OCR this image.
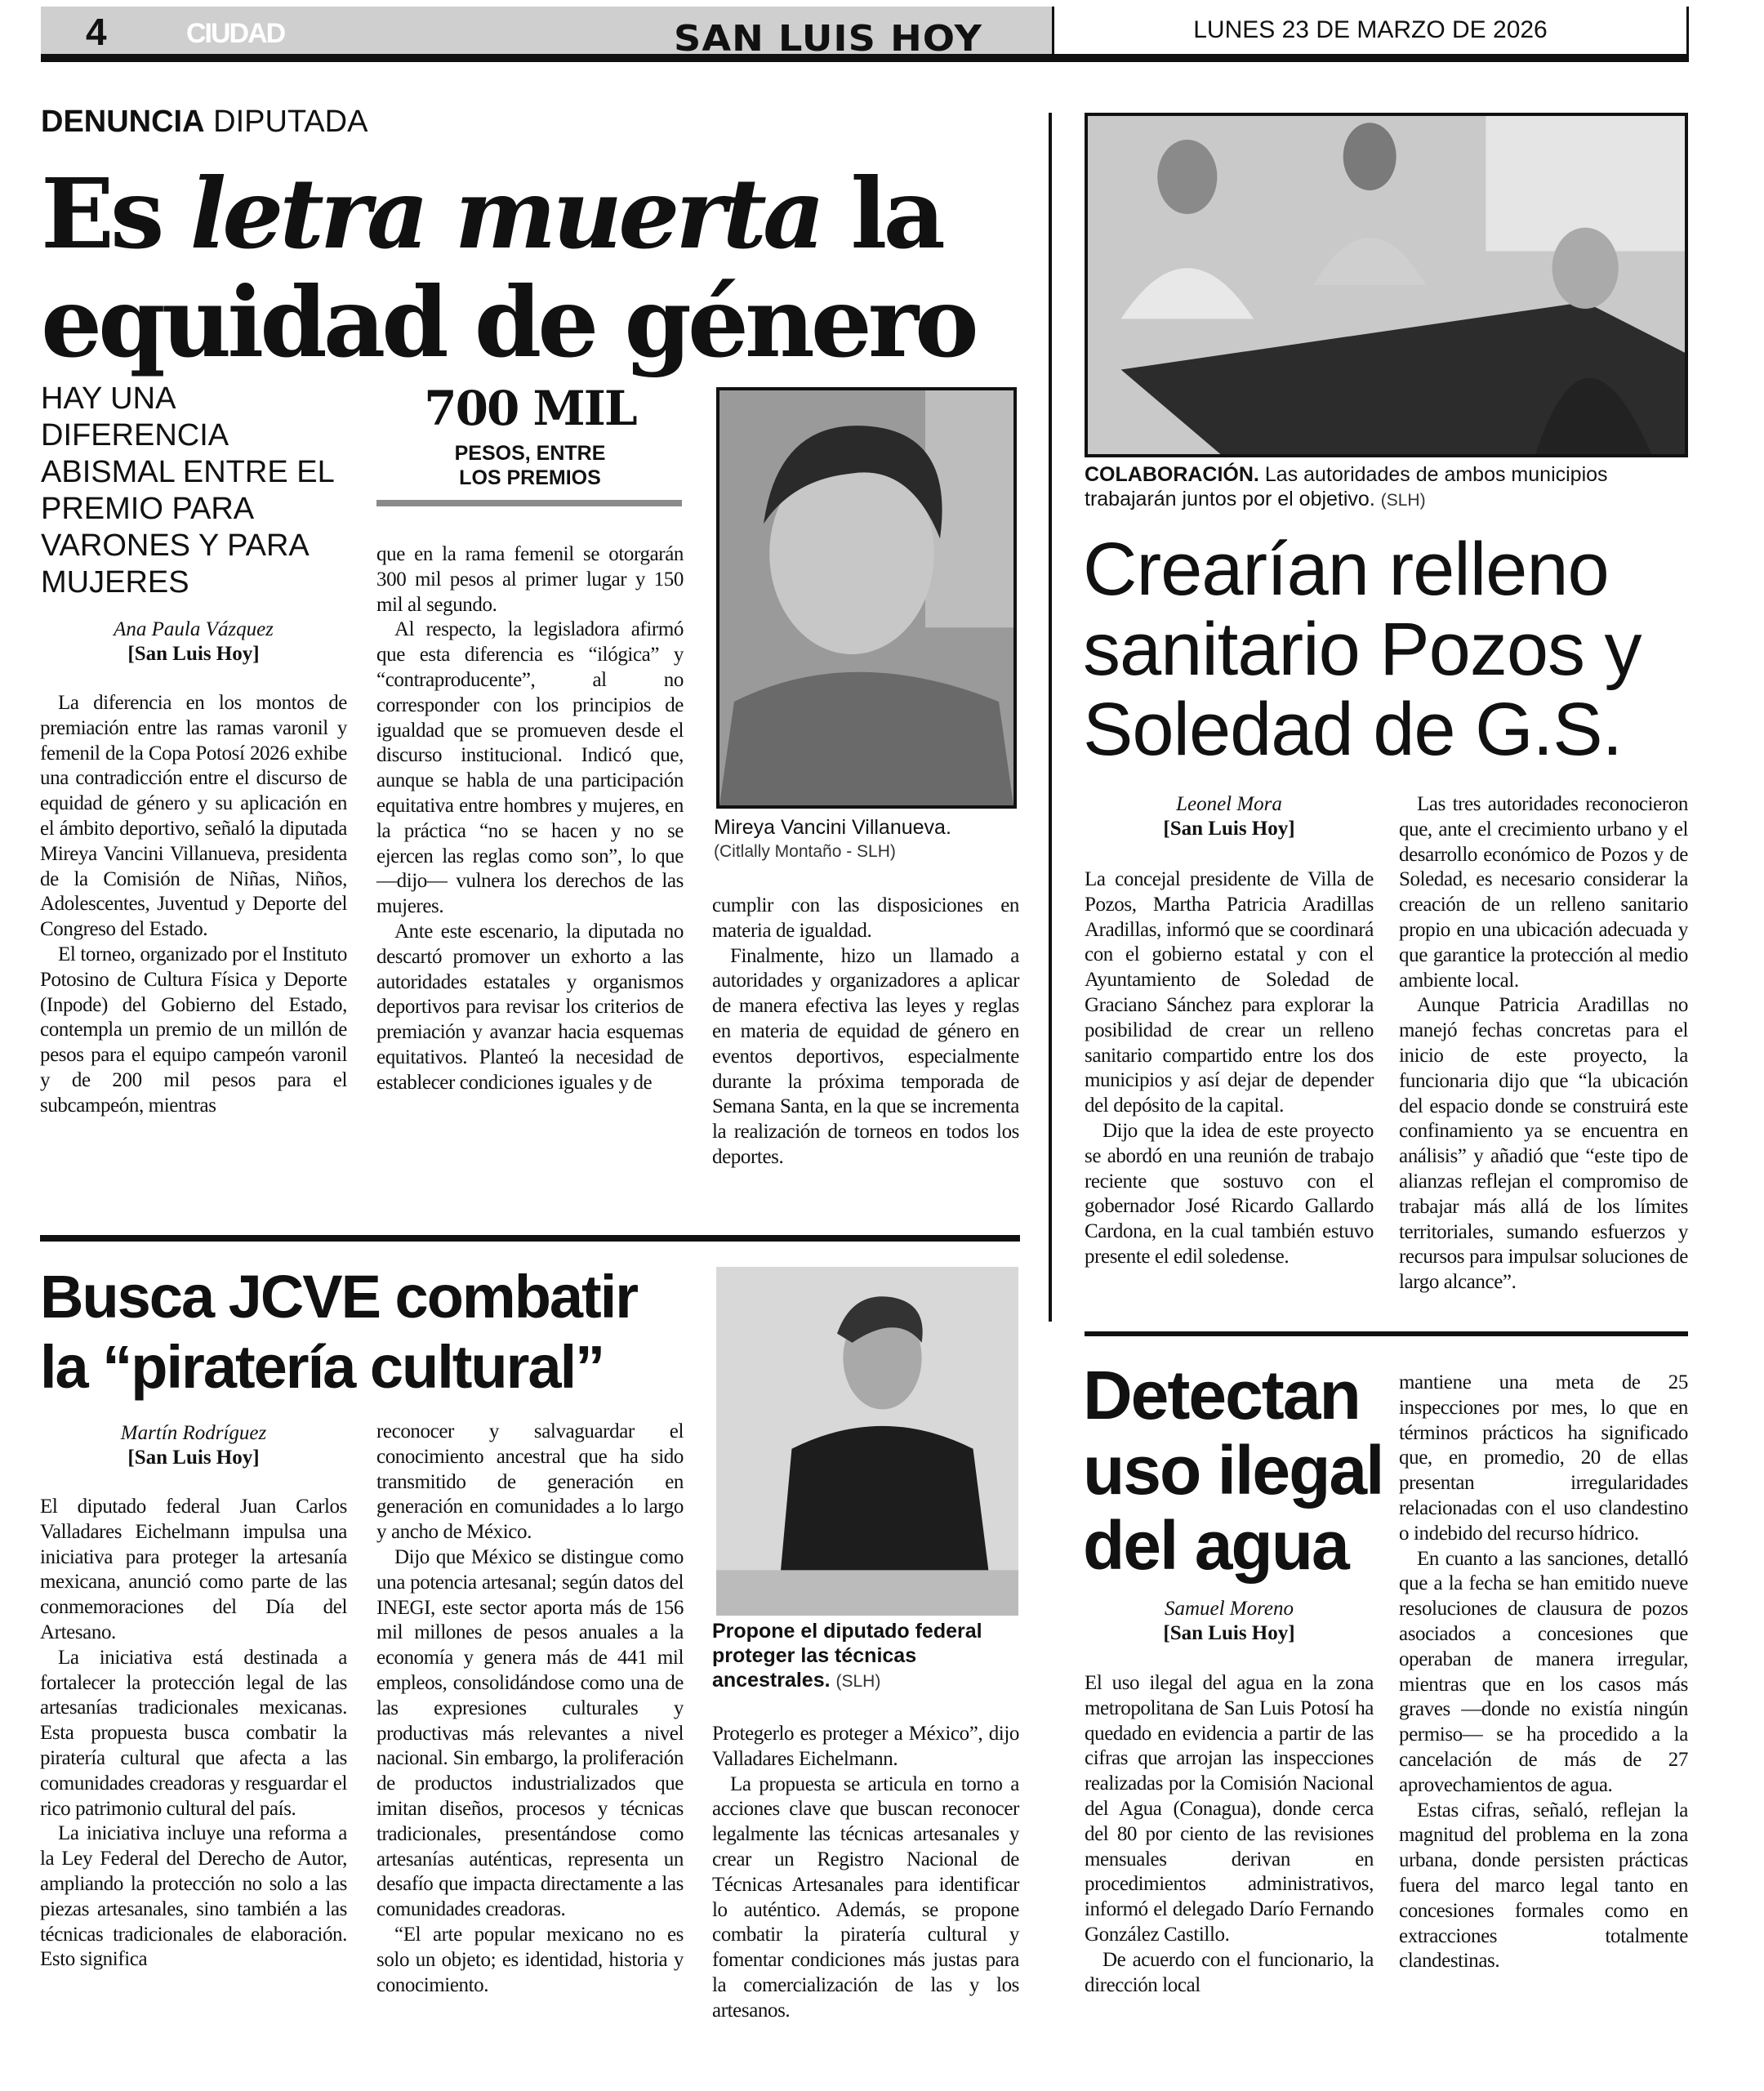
4	CIUDAD	SAN LUIS HOY	LUNES 23 DE MARZO DE 2026
DENUNCIA DIPUTADA
Es letra muerta la equidad de género
HAY UNA DIFERENCIA ABISMAL ENTRE EL PREMIO PARA VARONES Y PARA MUJERES
700 MIL
PESOS, ENTRE LOS PREMIOS
Ana Paula Vázquez
[San Luis Hoy]

La diferencia en los montos de premiación entre las ramas varonil y femenil de la Copa Potosí 2026 exhibe una contradicción entre el discurso de equidad de género y su aplicación en el ámbito deportivo, señaló la diputada Mireya Vancini Villanueva, presidenta de la Comisión de Niñas, Niños, Adolescentes, Juventud y Deporte del Congreso del Estado.

El torneo, organizado por el Instituto Potosino de Cultura Física y Deporte (Inpode) del Gobierno del Estado, contempla un premio de un millón de pesos para el equipo campeón varonil y de 200 mil pesos para el subcampeón, mientras

que en la rama femenil se otorgarán 300 mil pesos al primer lugar y 150 mil al segundo.

Al respecto, la legisladora afirmó que esta diferencia es “ilógica” y “contraproducente”, al no corresponder con los principios de igualdad que se promueven desde el discurso institucional. Indicó que, aunque se habla de una participación equitativa entre hombres y mujeres, en la práctica “no se hacen y no se ejercen las reglas como son”, lo que —dijo— vulnera los derechos de las mujeres.

Ante este escenario, la diputada no descartó promover un exhorto a las autoridades estatales y organismos deportivos para revisar los criterios de premiación y avanzar hacia esquemas equitativos. Planteó la necesidad de establecer condiciones iguales y de

Mireya Vancini Villanueva.
(Citlally Montaño - SLH)

cumplir con las disposiciones en materia de igualdad.

Finalmente, hizo un llamado a autoridades y organizadores a aplicar de manera efectiva las leyes y reglas en materia de equidad de género en eventos deportivos, especialmente durante la próxima temporada de Semana Santa, en la que se incrementa la realización de torneos en todos los deportes.

Busca JCVE combatir la “piratería cultural”
Martín Rodríguez
[San Luis Hoy]

El diputado federal Juan Carlos Valladares Eichelmann impulsa una iniciativa para proteger la artesanía mexicana, anunció como parte de las conmemoraciones del Día del Artesano.

La iniciativa está destinada a fortalecer la protección legal de las artesanías tradicionales mexicanas. Esta propuesta busca combatir la piratería cultural que afecta a las comunidades creadoras y resguardar el rico patrimonio cultural del país.

La iniciativa incluye una reforma a la Ley Federal del Derecho de Autor, ampliando la protección no solo a las piezas artesanales, sino también a las técnicas tradicionales de elaboración. Esto significa

reconocer y salvaguardar el conocimiento ancestral que ha sido transmitido de generación en generación en comunidades a lo largo y ancho de México.

Dijo que México se distingue como una potencia artesanal; según datos del INEGI, este sector aporta más de 156 mil millones de pesos anuales a la economía y genera más de 441 mil empleos, consolidándose como una de las expresiones culturales y productivas más relevantes a nivel nacional. Sin embargo, la proliferación de productos industrializados que imitan diseños, procesos y técnicas tradicionales, presentándose como artesanías auténticas, representa un desafío que impacta directamente a las comunidades creadoras.

“El arte popular mexicano no es solo un objeto; es identidad, historia y conocimiento.

Propone el diputado federal proteger las técnicas ancestrales. (SLH)

Protegerlo es proteger a México”, dijo Valladares Eichelmann.

La propuesta se articula en torno a acciones clave que buscan reconocer legalmente las técnicas artesanales y crear un Registro Nacional de Técnicas Artesanales para identificar lo auténtico. Además, se propone combatir la piratería cultural y fomentar condiciones más justas para la comercialización de las y los artesanos.

COLABORACIÓN. Las autoridades de ambos municipios trabajarán juntos por el objetivo. (SLH)
Crearían relleno sanitario Pozos y Soledad de G.S.
Leonel Mora
[San Luis Hoy]

La concejal presidente de Villa de Pozos, Martha Patricia Aradillas Aradillas, informó que se coordinará con el gobierno estatal y con el Ayuntamiento de Soledad de Graciano Sánchez para explorar la posibilidad de crear un relleno sanitario compartido entre los dos municipios y así dejar de depender del depósito de la capital.

Dijo que la idea de este proyecto se abordó en una reunión de trabajo reciente que sostuvo con el gobernador José Ricardo Gallardo Cardona, en la cual también estuvo presente el edil soledense.

Las tres autoridades reconocieron que, ante el crecimiento urbano y el desarrollo económico de Pozos y de Soledad, es necesario considerar la creación de un relleno sanitario propio en una ubicación adecuada y que garantice la protección al medio ambiente local.

Aunque Patricia Aradillas no manejó fechas concretas para el inicio de este proyecto, la funcionaria dijo que “la ubicación del espacio donde se construirá este confinamiento ya se encuentra en análisis” y añadió que “este tipo de alianzas reflejan el compromiso de trabajar más allá de los límites territoriales, sumando esfuerzos y recursos para impulsar soluciones de largo alcance”.

Detectan uso ilegal del agua
Samuel Moreno
[San Luis Hoy]

El uso ilegal del agua en la zona metropolitana de San Luis Potosí ha quedado en evidencia a partir de las cifras que arrojan las inspecciones realizadas por la Comisión Nacional del Agua (Conagua), donde cerca del 80 por ciento de las revisiones mensuales derivan en procedimientos administrativos, informó el delegado Darío Fernando González Castillo.

De acuerdo con el funcionario, la dirección local

mantiene una meta de 25 inspecciones por mes, lo que en términos prácticos ha significado que, en promedio, 20 de ellas presentan irregularidades relacionadas con el uso clandestino o indebido del recurso hídrico.

En cuanto a las sanciones, detalló que a la fecha se han emitido nueve resoluciones de clausura de pozos asociados a concesiones que operaban de manera irregular, mientras que en los casos más graves —donde no existía ningún permiso— se ha procedido a la cancelación de más de 27 aprovechamientos de agua.

Estas cifras, señaló, reflejan la magnitud del problema en la zona urbana, donde persisten prácticas fuera del marco legal tanto en concesiones formales como en extracciones totalmente clandestinas.
